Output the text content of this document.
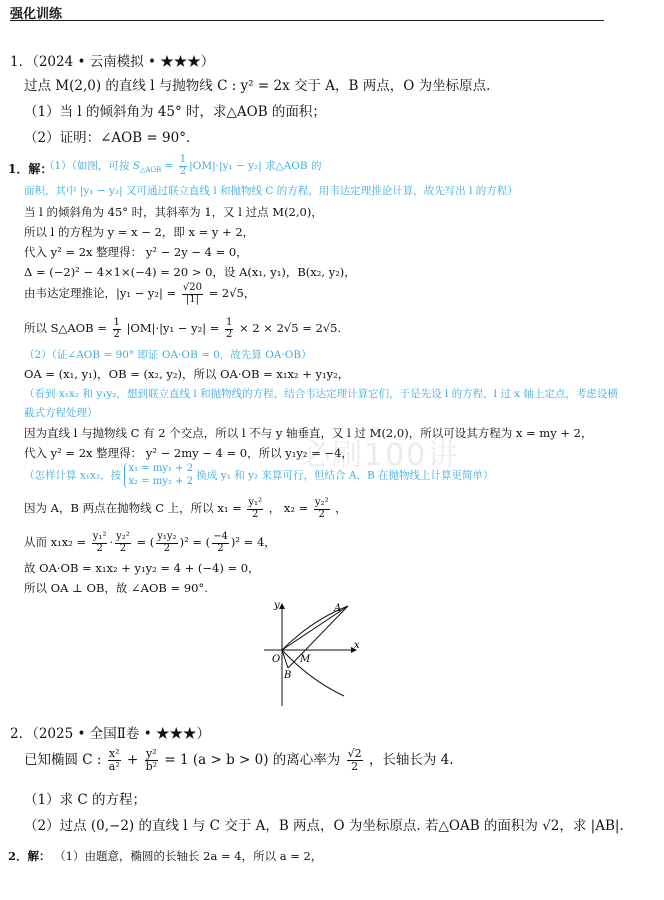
强化训练
必刷100讲
1．（2024 • 云南模拟 • ★★★）
过点 M(2,0) 的直线 l 与抛物线 C : y² = 2x 交于 A，B 两点，O 为坐标原点.
（1）当 l 的倾斜角为 45° 时，求△AOB 的面积；
（2）证明：∠AOB = 90°.
1．解：
（1）（如图，可按 $S_{\triangle AOB} = \frac{1}{2} |OM|\cdot|y_1 - y_2|$ 求△AOB 的
面积，其中 |y₁ − y₂| 又可通过联立直线 l 和抛物线 C 的方程，用韦达定理推论计算，故先写出 l 的方程）
当 l 的倾斜角为 45° 时，其斜率为 1，又 l 过点 M(2,0)，
所以 l 的方程为 y = x − 2，即 x = y + 2，
代入 y² = 2x 整理得： y² − 2y − 4 = 0，
Δ = (−2)² − 4×1×(−4) = 20 > 0，设 A(x₁, y₁)，B(x₂, y₂)，
由韦达定理推论，$|y_1 - y_2| = \frac{√20}{|1|} = 2√5$，
所以 S△AOB = $\frac{1}{2} |OM|\cdot|y_1 - y_2| = \frac{1}{2} \times 2 \times 2√5 = 2√5$.
（2）（证∠AOB = 90° 即证 OA·OB = 0，故先算 OA·OB）
OA = (x₁, y₁)，OB = (x₂, y₂)，所以 OA·OB = x₁x₂ + y₁y₂，
（看到 x₁x₂ 和 y₁y₂，想到联立直线 l 和抛物线的方程，结合韦达定理计算它们，于是先设 l 的方程，l 过 x 轴上定点，考虑设横
截式方程处理）
因为直线 l 与抛物线 C 有 2 个交点，所以 l 不与 y 轴垂直，又 l 过 M(2,0)，所以可设其方程为 x = my + 2，
代入 y² = 2x 整理得： y² − 2my − 4 = 0，所以 y₁y₂ = −4，
（怎样计算 x₁x₂，按
x₁ = my₁ + 2
x₂ = my₂ + 2 换成 y₁ 和 y₂ 来算可行，但结合 A，B 在抛物线上计算更简单）
因为 A，B 两点在抛物线 C 上，所以 $x_1 = \frac{\text{y₁²}}{2}$ ， $x_2 = \frac{\text{y₂²}}{2}$ ，
从而 $x_1x_2 = \frac{\text{y₁²}}{2} \cdot \frac{\text{y₂²}}{2}$ = ( $\frac{\text{y₁y₂}}{2} )^2$ = ( $\frac{-4}{2} )^2 = 4$，
故 OA·OB = x₁x₂ + y₁y₂ = 4 + (−4) = 0，
所以 OA ⊥ OB，故 ∠AOB = 90°.
y
x
O M
A
B
2．（2025 • 全国Ⅱ卷 • ★★★）
已知椭圆 C : $\frac{\text{x²}}{\text{a²}} + \frac{\text{y²}}{\text{b²}} = 1$ (a > b > 0) 的离心率为 $\frac{√2}{2}$ ，长轴长为 4.
（1）求 C 的方程；
（2）过点 (0,−2) 的直线 l 与 C 交于 A，B 两点，O 为坐标原点. 若△OAB 的面积为 √2，求 |AB|.
2．解： （1）由题意，椭圆的长轴长 2a = 4，所以 a = 2，
